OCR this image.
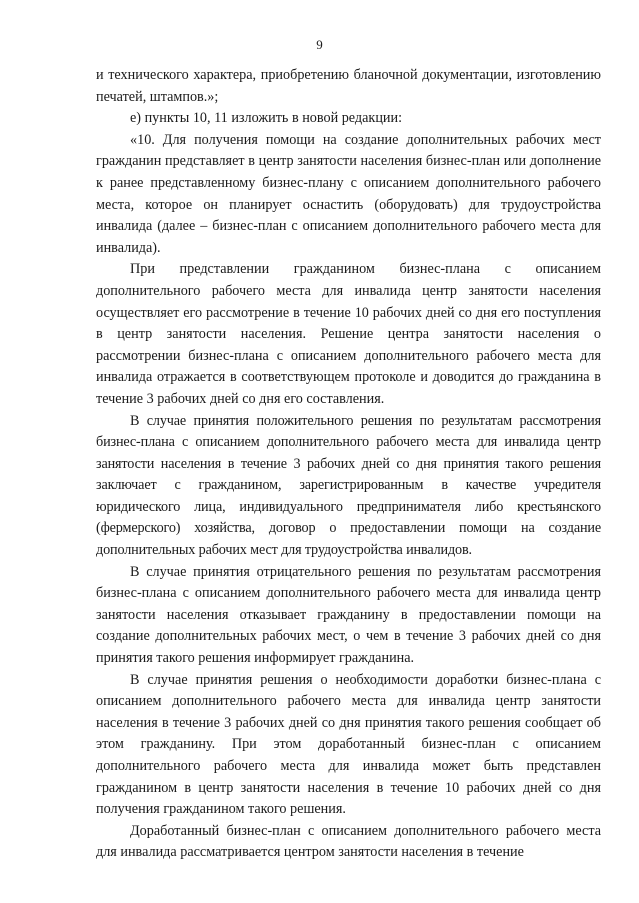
9

и технического характера, приобретению бланочной документации, изготовлению печатей, штампов.»;

е) пункты 10, 11 изложить в новой редакции:

«10. Для получения помощи на создание дополнительных рабочих мест гражданин представляет в центр занятости населения бизнес-план или дополнение к ранее представленному бизнес-плану с описанием дополнительного рабочего места, которое он планирует оснастить (оборудовать) для трудоустройства инвалида (далее – бизнес-план с описанием дополнительного рабочего места для инвалида).

При представлении гражданином бизнес-плана с описанием дополнительного рабочего места для инвалида центр занятости населения осуществляет его рассмотрение в течение 10 рабочих дней со дня его поступления в центр занятости населения. Решение центра занятости населения о рассмотрении бизнес-плана с описанием дополнительного рабочего места для инвалида отражается в соответствующем протоколе и доводится до гражданина в течение 3 рабочих дней со дня его составления.

В случае принятия положительного решения по результатам рассмотрения бизнес-плана с описанием дополнительного рабочего места для инвалида центр занятости населения в течение 3 рабочих дней со дня принятия такого решения заключает с гражданином, зарегистрированным в качестве учредителя юридического лица, индивидуального предпринимателя либо крестьянского (фермерского) хозяйства, договор о предоставлении помощи на создание дополнительных рабочих мест для трудоустройства инвалидов.

В случае принятия отрицательного решения по результатам рассмотрения бизнес-плана с описанием дополнительного рабочего места для инвалида центр занятости населения отказывает гражданину в предоставлении помощи на создание дополнительных рабочих мест, о чем в течение 3 рабочих дней со дня принятия такого решения информирует гражданина.

В случае принятия решения о необходимости доработки бизнес-плана с описанием дополнительного рабочего места для инвалида центр занятости населения в течение 3 рабочих дней со дня принятия такого решения сообщает об этом гражданину. При этом доработанный бизнес-план с описанием дополнительного рабочего места для инвалида может быть представлен гражданином в центр занятости населения в течение 10 рабочих дней со дня получения гражданином такого решения.

Доработанный бизнес-план с описанием дополнительного рабочего места для инвалида рассматривается центром занятости населения в течение
